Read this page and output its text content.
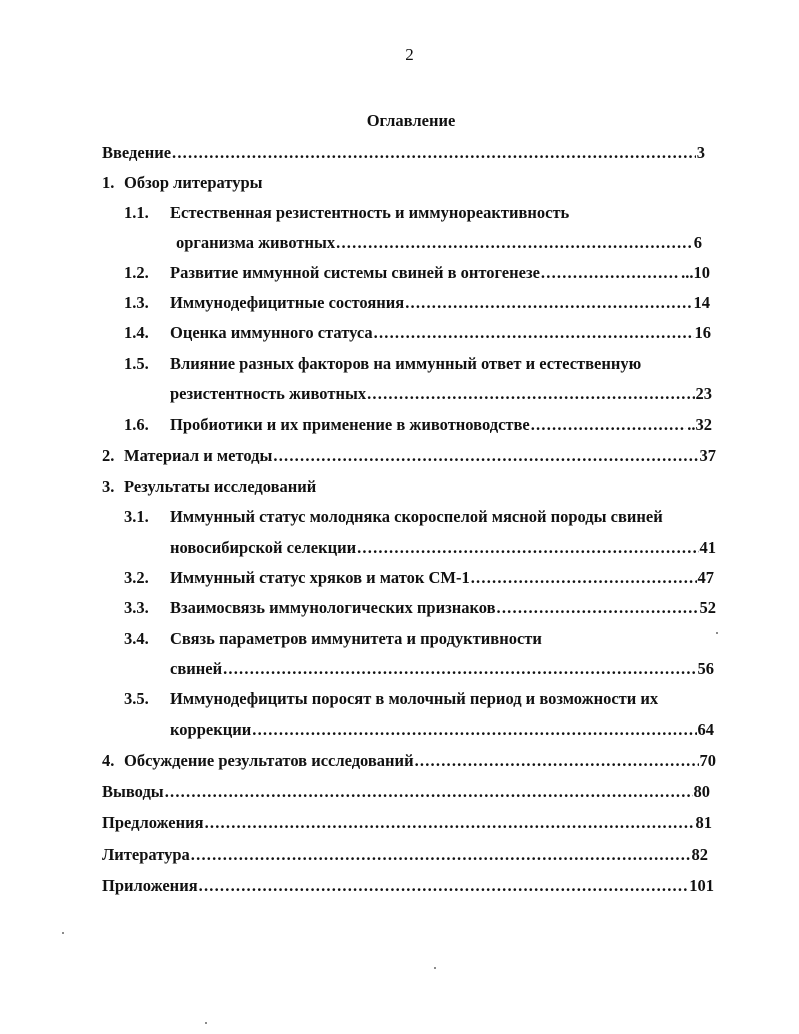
2
Оглавление
Введение .....	3
1. Обзор литературы
1.1.	Естественная резистентность и иммунореактивность
организма животных .....	6
1.2.	Развитие иммунной системы свиней в онтогенезе .....	...10
1.3.	Иммунодефицитные состояния .....	14
1.4.	Оценка иммунного статуса .....	16
1.5.	Влияние разных факторов на иммунный ответ и естественную
резистентность животных .....	23
1.6.	Пробиотики и их применение в животноводстве .....	..32
2. Материал и методы .....	37
3. Результаты исследований
3.1.	Иммунный статус молодняка скороспелой мясной породы свиней
новосибирской селекции .....	41
3.2.	Иммунный статус хряков и маток СМ-1 .....	47
3.3.	Взаимосвязь иммунологических признаков .....	52
3.4.	Связь параметров иммунитета и продуктивности
свиней .....	56
3.5.	Иммунодефициты поросят в молочный период и возможности их
коррекции .....	64
4. Обсуждение результатов исследований .....	70
Выводы .....	80
Предложения .....	81
Литература .....	82
Приложения .....	101
